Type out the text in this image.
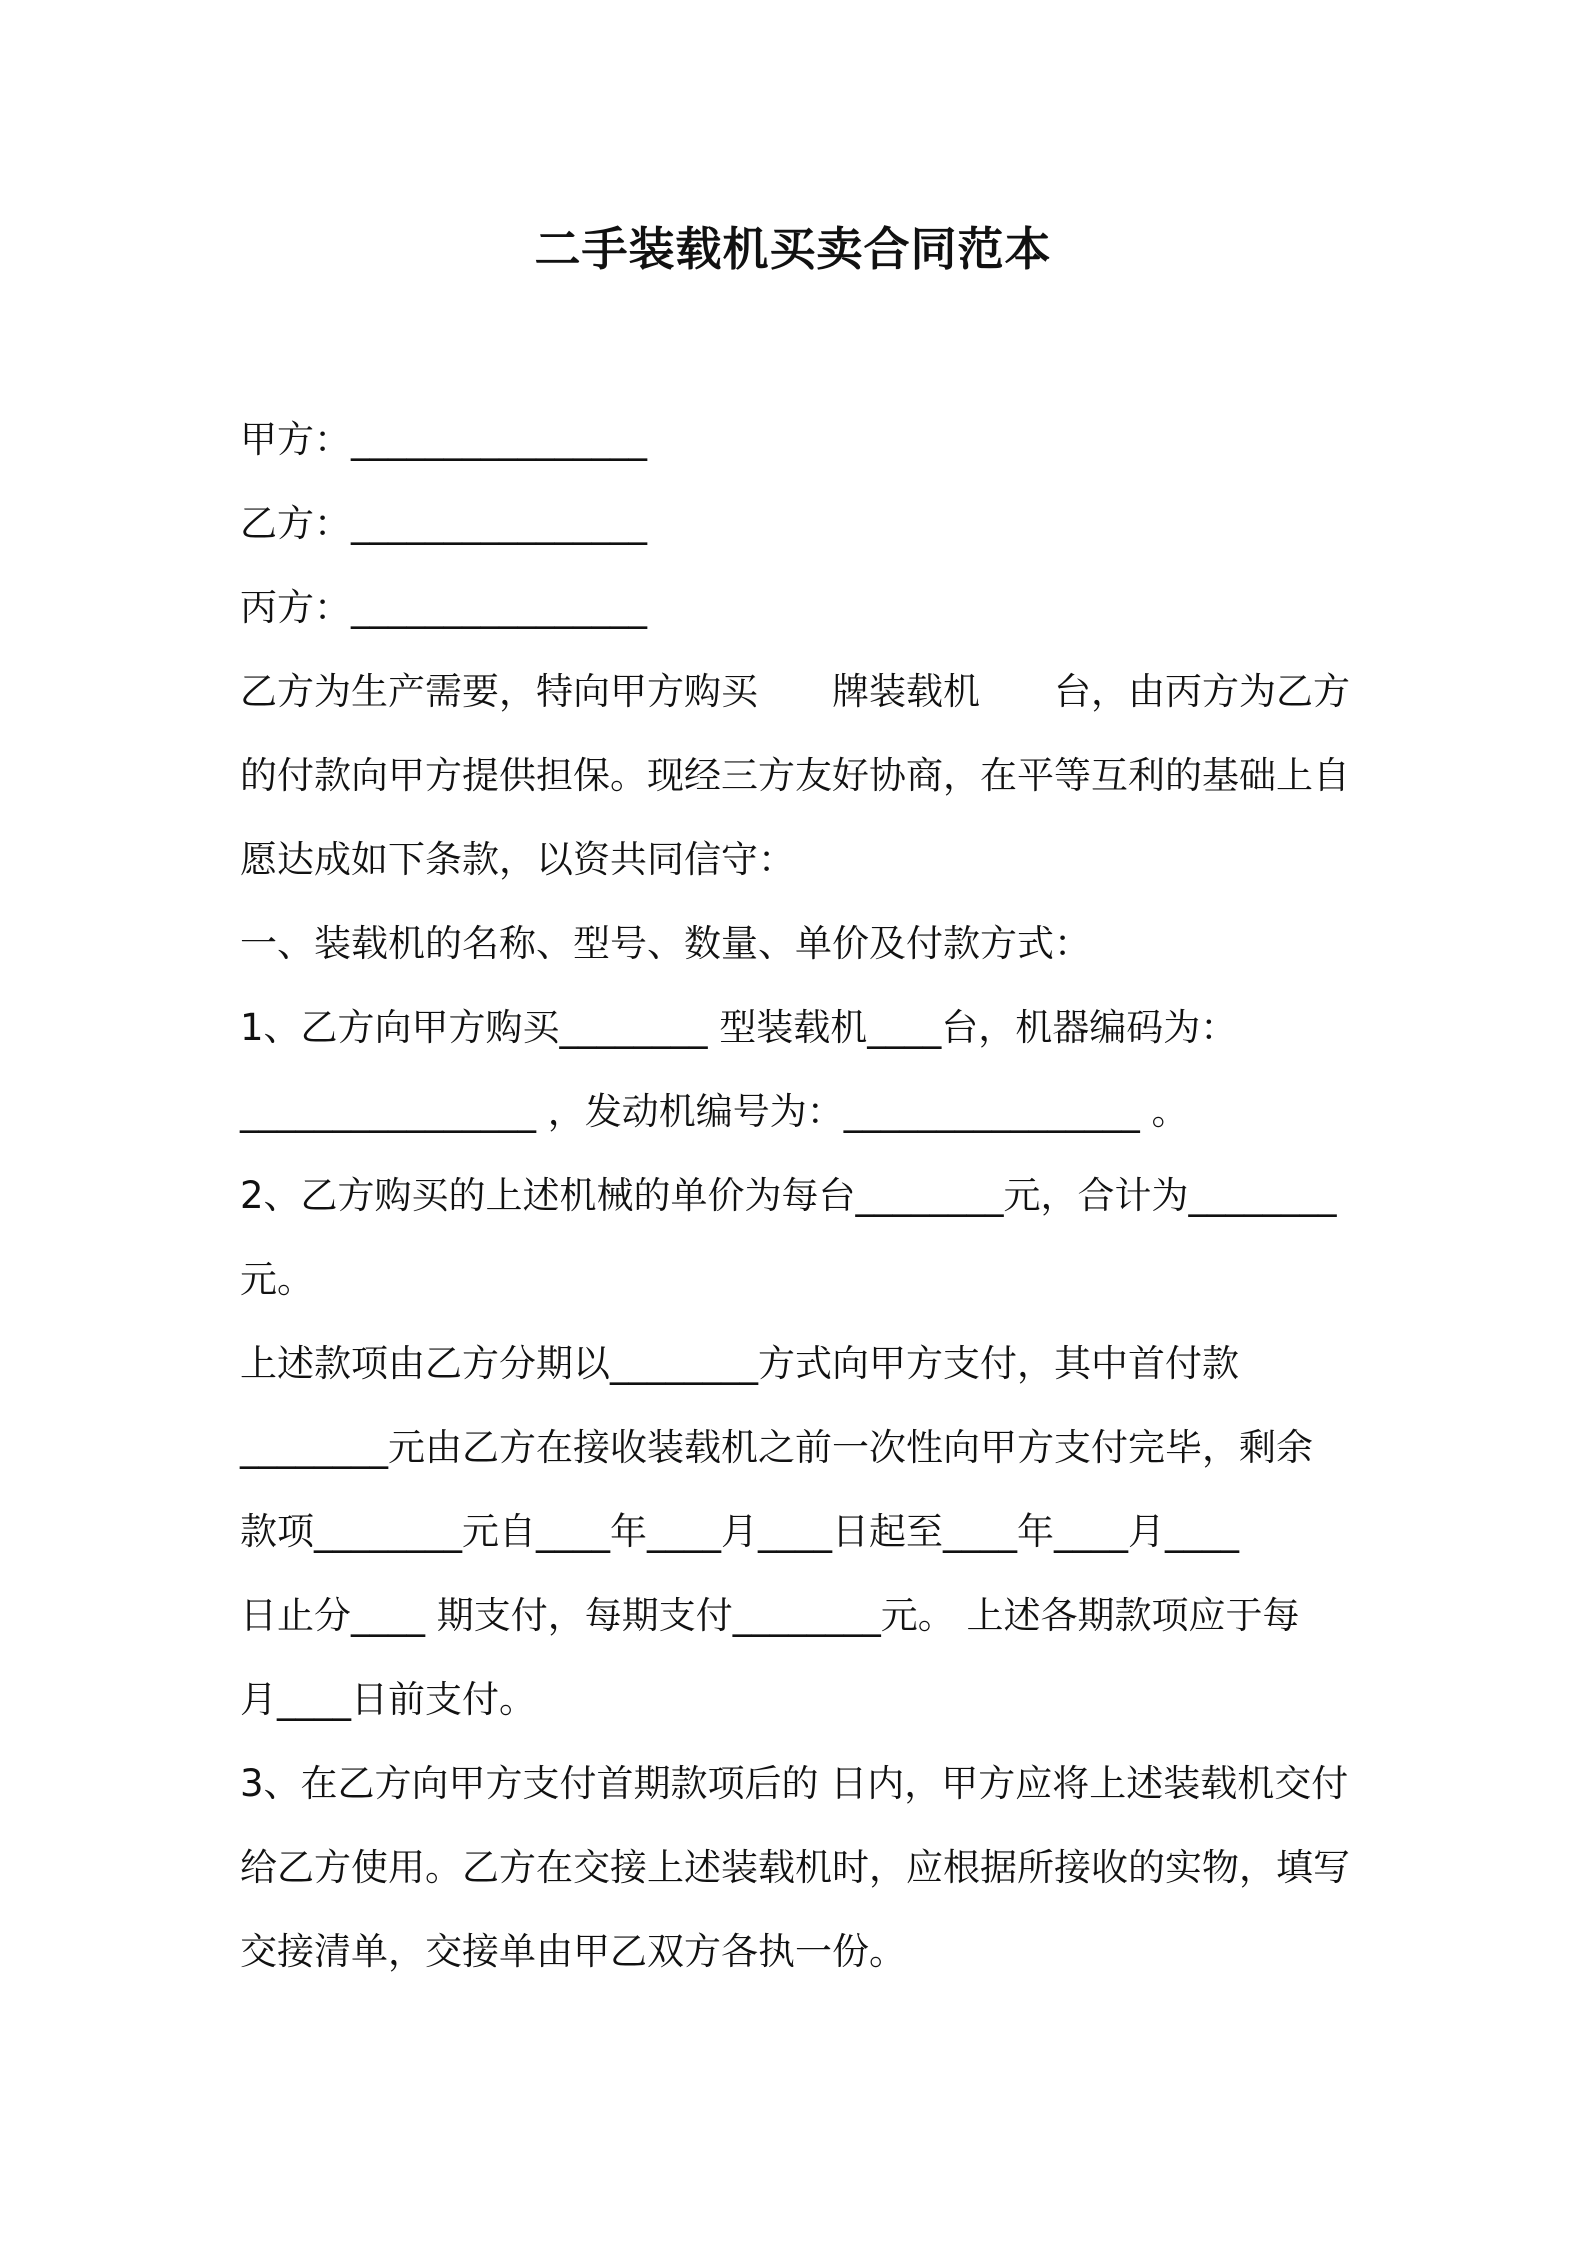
二手装载机买卖合同范本
甲方：________________
乙方：________________
丙方：________________
乙方为生产需要，特向甲方购买　　牌装载机　　台，由丙方为乙方
的付款向甲方提供担保。现经三方友好协商，在平等互利的基础上自
愿达成如下条款，以资共同信守：
一、装载机的名称、型号、数量、单价及付款方式：
1、乙方向甲方购买________ 型装载机____台，机器编码为：
________________ ，发动机编号为：________________ 。
2、乙方购买的上述机械的单价为每台________元，合计为________
元。
上述款项由乙方分期以________方式向甲方支付，其中首付款
________元由乙方在接收装载机之前一次性向甲方支付完毕，剩余
款项________元自____年____月____日起至____年____月____
日止分____ 期支付，每期支付________元。 上述各期款项应于每
月____日前支付。
3、在乙方向甲方支付首期款项后的 日内，甲方应将上述装载机交付
给乙方使用。乙方在交接上述装载机时，应根据所接收的实物，填写
交接清单，交接单由甲乙双方各执一份。
